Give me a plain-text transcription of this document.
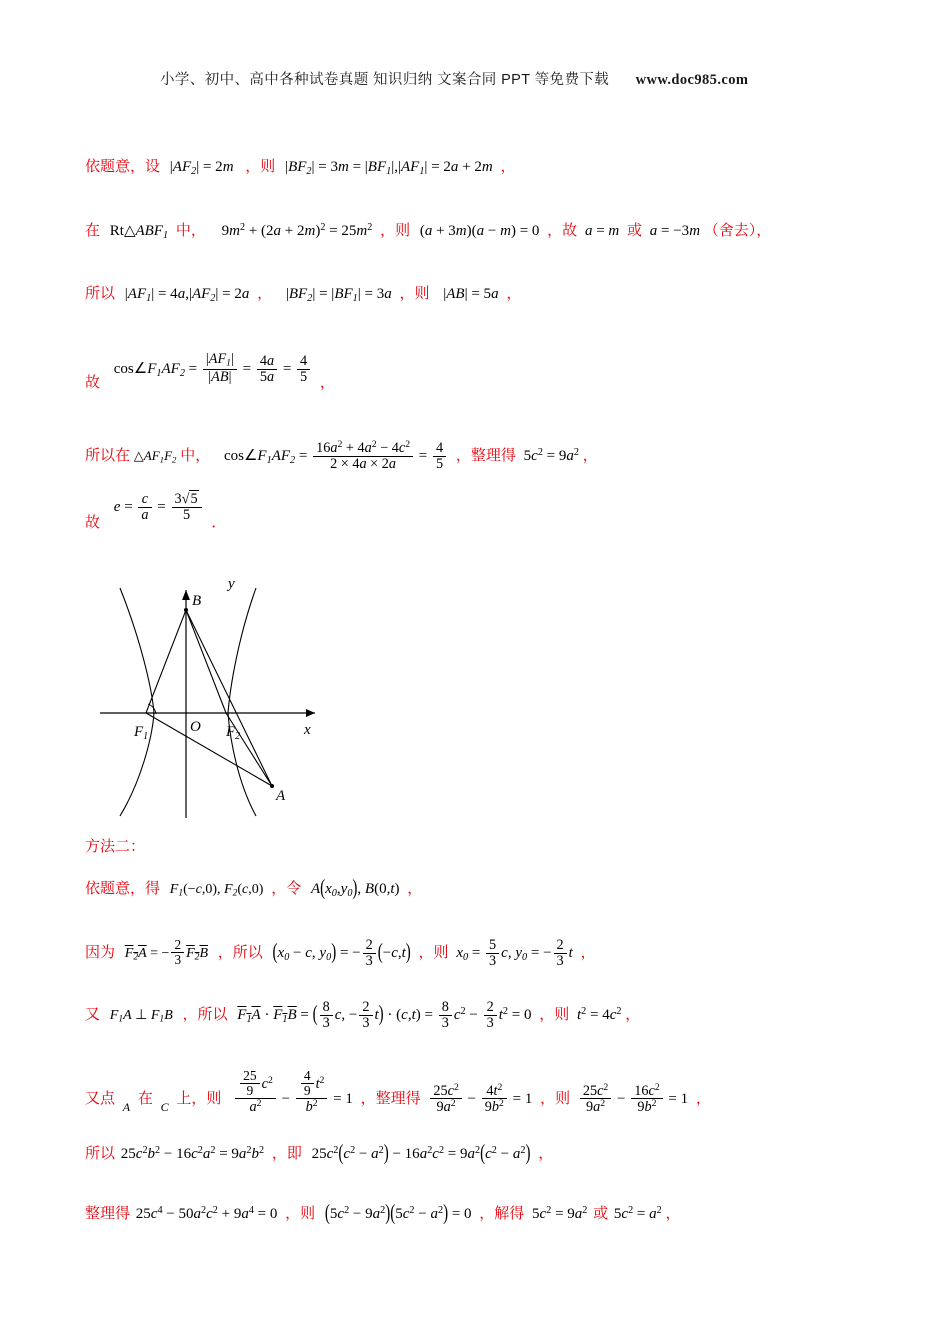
小学、初中、高中各种试卷真题 知识归纳 文案合同 PPT 等免费下载 www.doc985.com
依题意，设 $|AF_2| = 2m$ ，则 $|BF_2| = 3m = |BF_1|,|AF_1| = 2a + 2m$ ，
在 $Rt\triangle ABF_1$ 中， $9m^2 + (2a + 2m)^2 = 25m^2$ ，则 (a + 3m)(a − m) = 0 ，故 a = m 或 a = −3m （舍去），
所以 $|AF_1| = 4a,|AF_2| = 2a$ ， $|BF_2| = |BF_1| = 3a$ ，则 |AB| = 5a ，
故 $\cos\angle F_1AF_2 = \frac{|AF_1|}{|AB|} = \frac{4a}{5a} = \frac{4}{5}$ ，
所以在 $\triangle AF_1F_2$ 中， $\cos\angle F_1AF_2 = \frac{16a^2 + 4a^2 - 4c^2}{2 \times 4a \times 2a} = \frac{4}{5}$ ，整理得 $5c^2 = 9a^2$ ，
故 $e = \frac{c}{a} = \frac{3√5}{5}$
．
y
x
O
B
A
$F_1$	$F_2$
方法二：
依题意，得 $F_1(-c,0)$, $F_2(c,0)$ ，令 $A(x_0,y_0)$, B(0,t) ，
因为 $F_2A$ = − $\frac{2}{3} F_2B$ ，所以 ($x_0 - c$, $y_0$) = − $\frac{2}{3} (-c,t)$ ，则 $x_0 = \frac{5}{3} c$, $y_0$ = − $\frac{2}{3}$ t ，
又 $F_1A$ ⊥ $F_1B$ ，所以 $F_1A \cdot F_1B$ = ( $\frac{8}{3} c$, − $\frac{2}{3} t) \cdot (c,t) = \frac{8}{3} c^2 - \frac{2}{3} t^2 = 0$ ，则 $t^2 = 4c^2$ ，
又点 $_A$ 在 $_C$ 上，则 $\frac{\frac{25}{9} c^2}{a^2} - \frac{\frac{4}{9} t^2}{b^2} = 1$ ，整理得 $\frac{25c^2}{9a^2} - \frac{4t^2}{9b^2} = 1$ ，则 $\frac{25c^2}{9a^2} - \frac{16c^2}{9b^2} = 1$ ，
所以 $25c^2b^2 - 16c^2a^2 = 9a^2b^2$ ，即 $25c^2(c^2 - a^2) - 16a^2c^2 = 9a^2(c^2 - a^2)$ ，
整理得 $25c^4 - 50a^2c^2 + 9a^4 = 0$ ，则 $(5c^2 - 9a^2)(5c^2 - a^2) = 0$ ，解得 $5c^2 = 9a^2$ 或 $5c^2 = a^2$ ，
